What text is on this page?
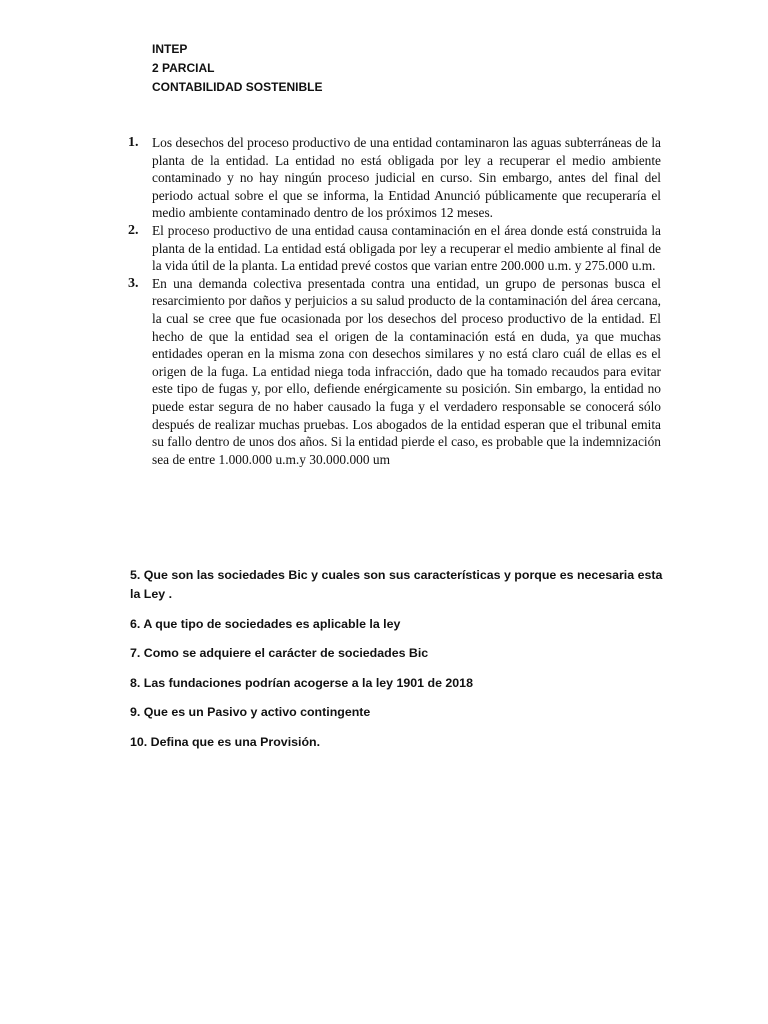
INTEP
2 PARCIAL
CONTABILIDAD SOSTENIBLE
1. Los desechos del proceso productivo de una entidad contaminaron las aguas subterráneas de la planta de la entidad. La entidad no está obligada por ley a recuperar el medio ambiente contaminado y no hay ningún proceso judicial en curso. Sin embargo, antes del final del periodo actual sobre el que se informa, la Entidad Anunció públicamente que recuperaría el medio ambiente contaminado dentro de los próximos 12 meses.
2. El proceso productivo de una entidad causa contaminación en el área donde está construida la planta de la entidad. La entidad está obligada por ley a recuperar el medio ambiente al final de la vida útil de la planta. La entidad prevé costos que varian entre 200.000 u.m. y 275.000 u.m.
3. En una demanda colectiva presentada contra una entidad, un grupo de personas busca el resarcimiento por daños y perjuicios a su salud producto de la contaminación del área cercana, la cual se cree que fue ocasionada por los desechos del proceso productivo de la entidad. El hecho de que la entidad sea el origen de la contaminación está en duda, ya que muchas entidades operan en la misma zona con desechos similares y no está claro cuál de ellas es el origen de la fuga. La entidad niega toda infracción, dado que ha tomado recaudos para evitar este tipo de fugas y, por ello, defiende enérgicamente su posición. Sin embargo, la entidad no puede estar segura de no haber causado la fuga y el verdadero responsable se conocerá sólo después de realizar muchas pruebas. Los abogados de la entidad esperan que el tribunal emita su fallo dentro de unos dos años. Si la entidad pierde el caso, es probable que la indemnización sea de entre 1.000.000 u.m.y 30.000.000 um

5. Que son las sociedades Bic y cuales son sus características y porque es necesaria esta la Ley .

6. A que tipo de sociedades es aplicable la ley

7. Como se adquiere el carácter de sociedades Bic

8. Las fundaciones podrían acogerse a la ley 1901 de 2018

9. Que es un Pasivo y activo contingente

10. Defina que es una Provisión.
